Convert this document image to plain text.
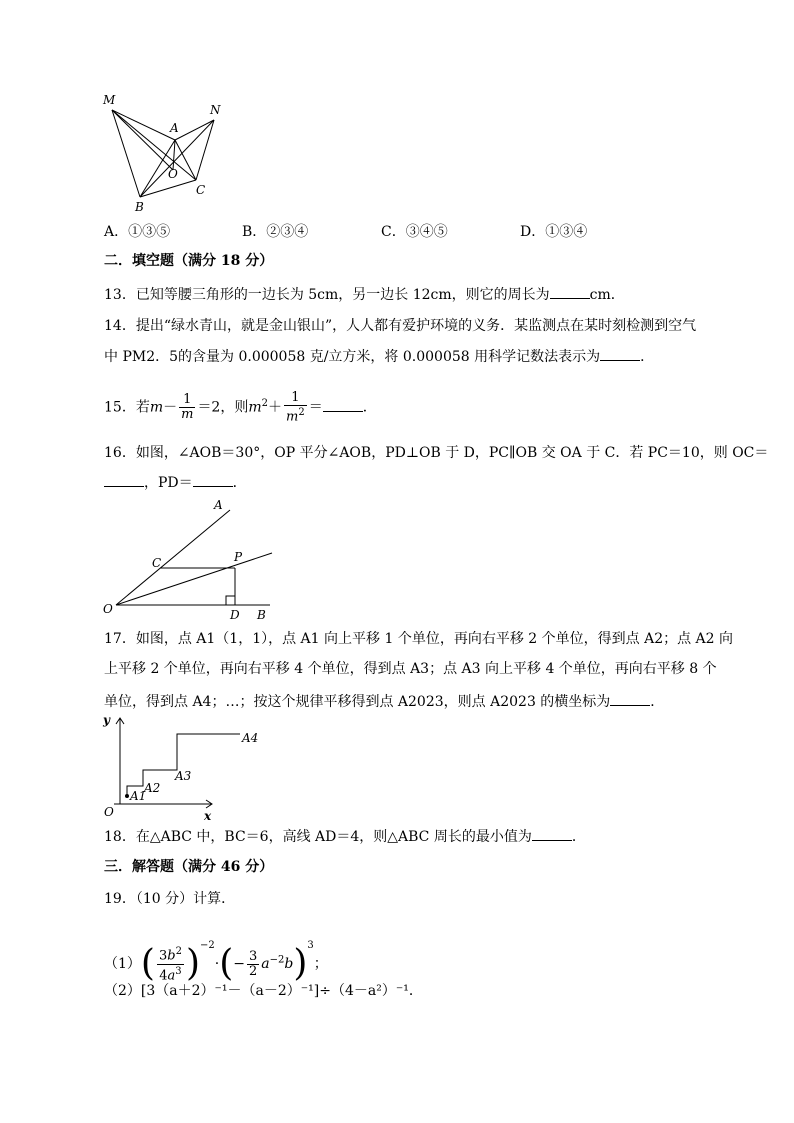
M
N
A
O
B
C
A．①③⑤	B．②③④	C．③④⑤	D．①③④
二．填空题（满分 18 分）
13．已知等腰三角形的一边长为 5cm，另一边长 12cm，则它的周长为	cm．
14．提出“绿水青山，就是金山银山”，人人都有爱护环境的义务．某监测点在某时刻检测到空气
中 PM2．5的含量为 0.000058 克/立方米，将 0.000058 用科学记数法表示为	．
15．若$m- \frac{1}{m} =2$，则$m^2+ \frac{1}{m^2}$ ＝	．
16．如图，∠AOB＝30°，OP 平分∠AOB，PD⊥OB 于 D，PC∥OB 交 OA 于 C．若 PC＝10，则 OC＝
，PD＝	．
A
C	P
O	D B
17．如图，点 A1（1，1），点 A1 向上平移 1 个单位，再向右平移 2 个单位，得到点 A2；点 A2 向
上平移 2 个单位，再向右平移 4 个单位，得到点 A3；点 A3 向上平移 4 个单位，再向右平移 8 个
单位，得到点 A4；…；按这个规律平移得到点 A2023，则点 A2023 的横坐标为	．
y
x
O
A1
A2
A3
A4
18．在△ABC 中，BC＝6，高线 AD＝4，则△ABC 周长的最小值为	．
三．解答题（满分 46 分）
19．（10 分）计算．
$(1)( \frac{3b^2}{4a^3} )^{-2}\cdot(- \frac{3}{2} a^{-2}b)^3$；
（2）[3（a＋2）⁻¹－（a－2）⁻¹]÷（4－a²）⁻¹．
